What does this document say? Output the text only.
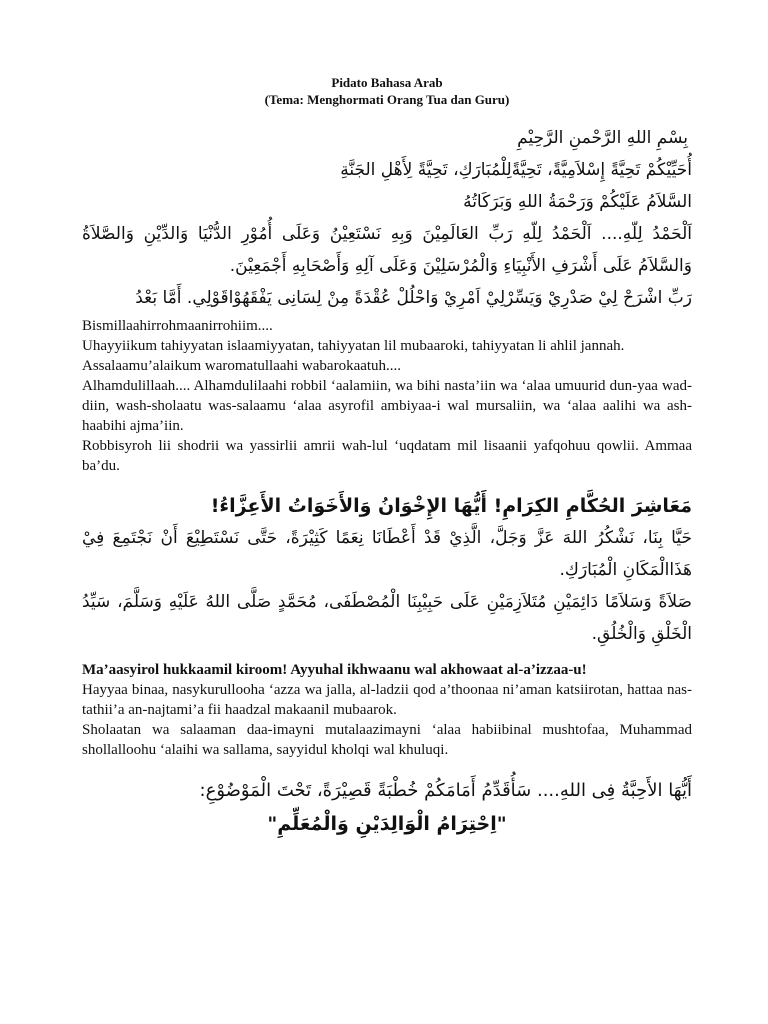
Pidato Bahasa Arab
(Tema: Menghormati Orang Tua dan Guru)

بِسْمِ اللهِ الرَّحْمنِ الرَّحِيْمِ

أُحَيِّيْكُمْ تَحِيَّةً إِسْلاَمِيَّةً، تَحِيَّةًلِلْمُبَارَكِ، تَحِيَّةً لِأَهْلِ الجَنَّةِ

السَّلاَمُ عَلَيْكُمْ وَرَحْمَةُ اللهِ وَبَرَكَاتُهُ

اَلْحَمْدُ لِلّهِ.... اَلْحَمْدُ لِلّهِ رَبِّ العَالَمِيْنَ وَبِهِ نَسْتَعِيْنُ وَعَلَى أُمُوْرِ الدُّنْيَا وَالدِّيْنِ وَالصَّلاَةُ وَالسَّلاَمُ عَلَى أَشْرَفِ الأَنْبِيَاءِ وَالْمُرْسَلِيْنَ وَعَلَى آلِهِ وَأَصْحَابِهِ أَجْمَعِيْنَ.

رَبِّ اشْرَحْ لِيْ صَدْرِيْ وَيَسِّرْلِيْ اَمْرِيْ وَاحْلُلْ عُقْدَةً مِنْ لِسَانِى يَفْقَهُوْاقَوْلِي. أَمَّا بَعْدُ

Bismillaahirrohmaanirrohiim....

Uhayyiikum tahiyyatan islaamiyyatan, tahiyyatan lil mubaaroki, tahiyyatan li ahlil jannah.

Assalaamu’alaikum waromatullaahi wabarokaatuh....

Alhamdulillaah.... Alhamdulilaahi robbil ‘aalamiin, wa bihi nasta’iin wa ‘alaa umuurid dun-yaa wad-diin, wash-sholaatu was-salaamu ‘alaa asyrofil ambiyaa-i wal mursaliin, wa ‘alaa aalihi wa ash-haabihi ajma’iin.

Robbisyroh lii shodrii wa yassirlii amrii wah-lul ‘uqdatam mil lisaanii yafqohuu qowlii. Ammaa ba’du.

مَعَاشِرَ الحُكَّامِ الكِرَامِ! أَيُّهَا الإِخْوَانُ وَالأَخَوَاتُ الأَعِزَّاءُ!

حَيَّا بِنَا، نَشْكُرُ اللهَ عَزَّ وَجَلَّ، الَّذِيْ قَدْ أَعْطَانَا نِعَمًا كَثِيْرَةً، حَتَّى نَسْتَطِيْعَ أَنْ نَجْتَمِعَ فِيْ هَذَاالْمَكَانِ الْمُبَارَكِ.

صَلاَةً وَسَلاَمًا دَائِمَيْنِ مُتَلاَزِمَيْنِ عَلَى حَبِيْبِنَا الْمُصْطَفَى، مُحَمَّدٍ صَلَّى اللهُ عَلَيْهِ وَسَلَّمَ، سَيِّدُ الْخَلْقِ وَالْخُلُقِ.

Ma’aasyirol hukkaamil kiroom! Ayyuhal ikhwaanu wal akhowaat al-a’izzaa-u!

Hayyaa binaa, nasykurullooha ‘azza wa jalla, al-ladzii qod a’thoonaa ni’aman katsiirotan, hattaa nas-tathii’a an-najtami’a fii haadzal makaanil mubaarok.

Sholaatan wa salaaman daa-imayni mutalaazimayni ‘alaa habiibinal mushtofaa, Muhammad shollalloohu ‘alaihi wa sallama, sayyidul kholqi wal khuluqi.

أَيُّهَا الأَحِبَّةُ فِى اللهِ.... سَأُقَدِّمُ أَمَامَكُمْ خُطْبَةً قَصِيْرَةً، تَحْتَ الْمَوْضُوْعِ:

"اِحْتِرَامُ الْوَالِدَيْنِ وَالْمُعَلِّمِ"
